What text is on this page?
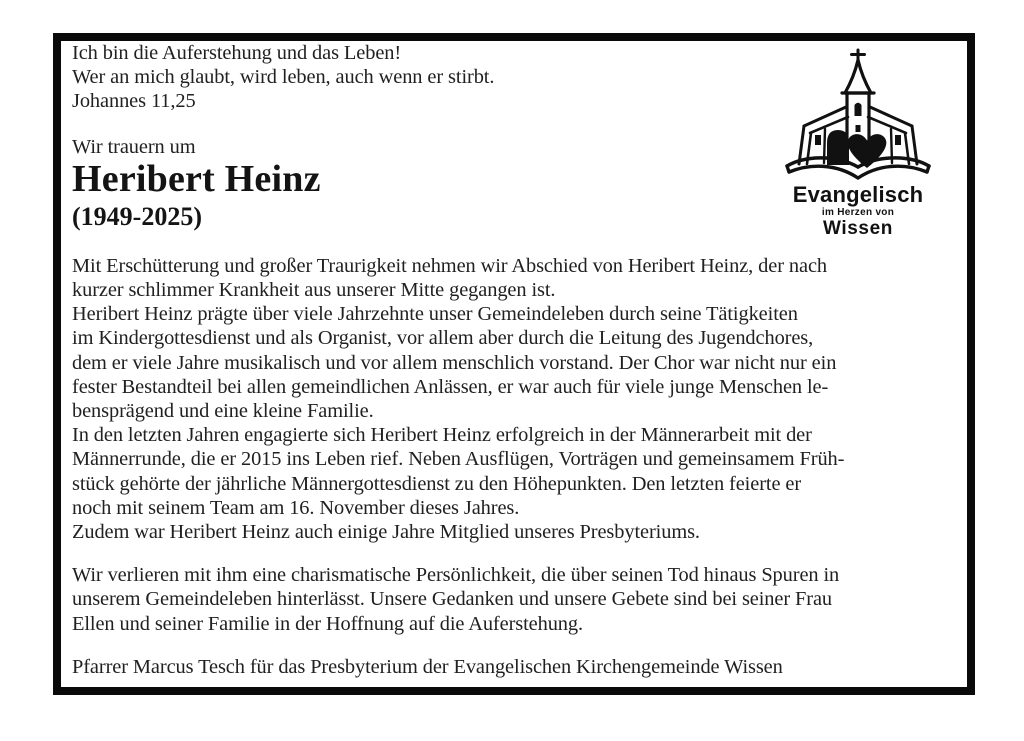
Ich bin die Auferstehung und das Leben!
Wer an mich glaubt, wird leben, auch wenn er stirbt.
Johannes 11,25
Wir trauern um
Heribert Heinz
(1949-2025)
Mit Erschütterung und großer Traurigkeit nehmen wir Abschied von Heribert Heinz, der nach
kurzer schlimmer Krankheit aus unserer Mitte gegangen ist.
Heribert Heinz prägte über viele Jahrzehnte unser Gemeindeleben durch seine Tätigkeiten
im Kindergottesdienst und als Organist, vor allem aber durch die Leitung des Jugendchores,
dem er viele Jahre musikalisch und vor allem menschlich vorstand. Der Chor war nicht nur ein
fester Bestandteil bei allen gemeindlichen Anlässen, er war auch für viele junge Menschen le-
bensprägend und eine kleine Familie.
In den letzten Jahren engagierte sich Heribert Heinz erfolgreich in der Männerarbeit mit der
Männerrunde, die er 2015 ins Leben rief. Neben Ausflügen, Vorträgen und gemeinsamem Früh-
stück gehörte der jährliche Männergottesdienst zu den Höhepunkten. Den letzten feierte er
noch mit seinem Team am 16. November dieses Jahres.
Zudem war Heribert Heinz auch einige Jahre Mitglied unseres Presbyteriums.
Wir verlieren mit ihm eine charismatische Persönlichkeit, die über seinen Tod hinaus Spuren in
unserem Gemeindeleben hinterlässt. Unsere Gedanken und unsere Gebete sind bei seiner Frau
Ellen und seiner Familie in der Hoffnung auf die Auferstehung.
Pfarrer Marcus Tesch für das Presbyterium der Evangelischen Kirchengemeinde Wissen
Evangelisch
im Herzen von
Wissen
